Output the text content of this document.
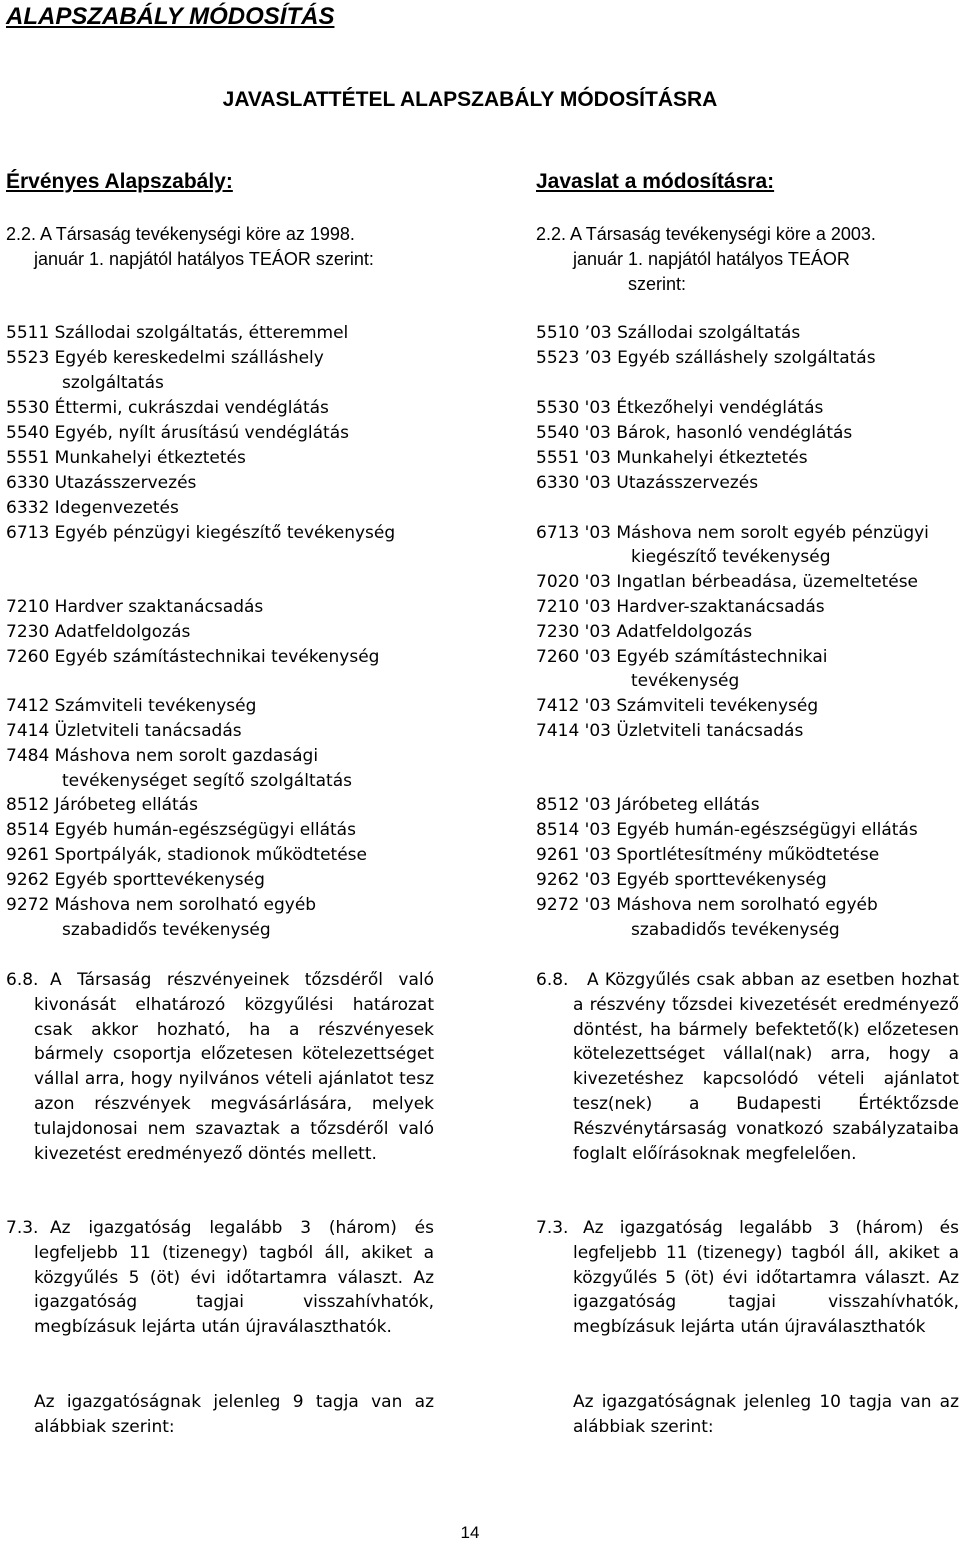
ALAPSZABÁLY MÓDOSÍTÁS
JAVASLATTÉTEL ALAPSZABÁLY MÓDOSÍTÁSRA
Érvényes Alapszabály:	Javaslat a módosításra:
2.2. A Társaság tevékenységi köre az 1998.
január 1. napjától hatályos TEÁOR szerint:
2.2. A Társaság tevékenységi köre a 2003.
január 1. napjától hatályos TEÁOR
szerint:
5511 Szállodai szolgáltatás, étteremmel
5523 Egyéb kereskedelmi szálláshely
szolgáltatás
5530 Éttermi, cukrászdai vendéglátás
5540 Egyéb, nyílt árusítású vendéglátás
5551 Munkahelyi étkeztetés
6330 Utazásszervezés
6332 Idegenvezetés
6713 Egyéb pénzügyi kiegészítő tevékenység
7210 Hardver szaktanácsadás
7230 Adatfeldolgozás
7260 Egyéb számítástechnikai tevékenység
7412 Számviteli tevékenység
7414 Üzletviteli tanácsadás
7484 Máshova nem sorolt gazdasági
tevékenységet segítő szolgáltatás
8512 Járóbeteg ellátás
8514 Egyéb humán-egészségügyi ellátás
9261 Sportpályák, stadionok működtetése
9262 Egyéb sporttevékenység
9272 Máshova nem sorolható egyéb
szabadidős tevékenység
5510 ’03 Szállodai szolgáltatás
5523 ’03 Egyéb szálláshely szolgáltatás
5530 '03 Étkezőhelyi vendéglátás
5540 '03 Bárok, hasonló vendéglátás
5551 '03 Munkahelyi étkeztetés
6330 '03 Utazásszervezés
6713 '03 Máshova nem sorolt egyéb pénzügyi
kiegészítő tevékenység
7020 '03 Ingatlan bérbeadása, üzemeltetése
7210 '03 Hardver-szaktanácsadás
7230 '03 Adatfeldolgozás
7260 '03 Egyéb számítástechnikai
tevékenység
7412 '03 Számviteli tevékenység
7414 '03 Üzletviteli tanácsadás
8512 '03 Járóbeteg ellátás
8514 '03 Egyéb humán-egészségügyi ellátás
9261 '03 Sportlétesítmény működtetése
9262 '03 Egyéb sporttevékenység
9272 '03 Máshova nem sorolható egyéb
szabadidős tevékenység
6.8. A Társaság részvényeinek tőzsdéről való kivonását elhatározó közgyűlési határozat csak akkor hozható, ha a részvényesek bármely csoportja előzetesen kötelezettséget vállal arra, hogy nyilvános vételi ajánlatot tesz azon részvények megvásárlására, melyek tulajdonosai nem szavaztak a tőzsdéről való kivezetést eredményező döntés mellett.
6.8.	A Közgyűlés csak abban az esetben hozhat a részvény tőzsdei kivezetését eredményező döntést, ha bármely befektető(k) előzetesen kötelezettséget vállal(nak) arra, hogy a kivezetéshez kapcsolódó vételi ajánlatot tesz(nek) a Budapesti Értéktőzsde Részvénytársaság vonatkozó szabályzataiba foglalt előírásoknak megfelelően.
7.3. Az igazgatóság legalább 3 (három) és legfeljebb 11 (tizenegy) tagból áll, akiket a közgyűlés 5 (öt) évi időtartamra választ. Az igazgatóság tagjai visszahívhatók, megbízásuk lejárta után újraválaszthatók.
7.3. Az igazgatóság legalább 3 (három) és legfeljebb 11 (tizenegy) tagból áll, akiket a közgyűlés 5 (öt) évi időtartamra választ. Az igazgatóság tagjai visszahívhatók, megbízásuk lejárta után újraválaszthatók
Az igazgatóságnak jelenleg 9 tagja van az alábbiak szerint:
Az igazgatóságnak jelenleg 10 tagja van az alábbiak szerint:
14
